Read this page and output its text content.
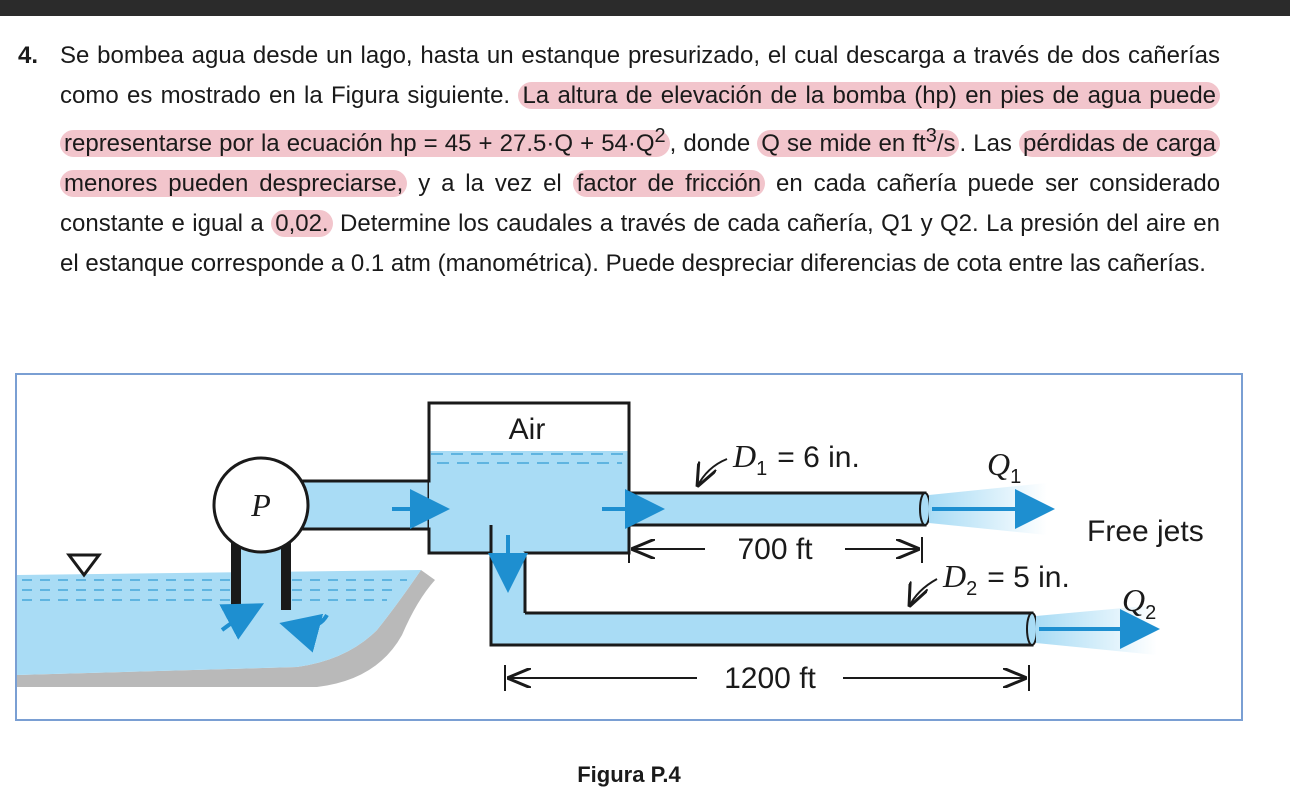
4. Se bombea agua desde un lago, hasta un estanque presurizado, el cual descarga a través de dos cañerías como es mostrado en la Figura siguiente. La altura de elevación de la bomba (hp) en pies de agua puede representarse por la ecuación hp = $45 + 27.5\cdot Q + 54\cdot Q^2$ , donde Q se mide en $ft^3/s$ . Las pérdidas de carga menores pueden despreciarse, y a la vez el factor de fricción en cada cañería puede ser considerado constante e igual a 0,02. Determine los caudales a través de cada cañería, Q1 y Q2. La presión del aire en el estanque corresponde a 0.1 atm (manométrica). Puede despreciar diferencias de cota entre las cañerías.

P
Air
D1 = 6 in.	Q1
Free jets
700 ft
D2 = 5 in.
Q2
1200 ft
Figura P.4
